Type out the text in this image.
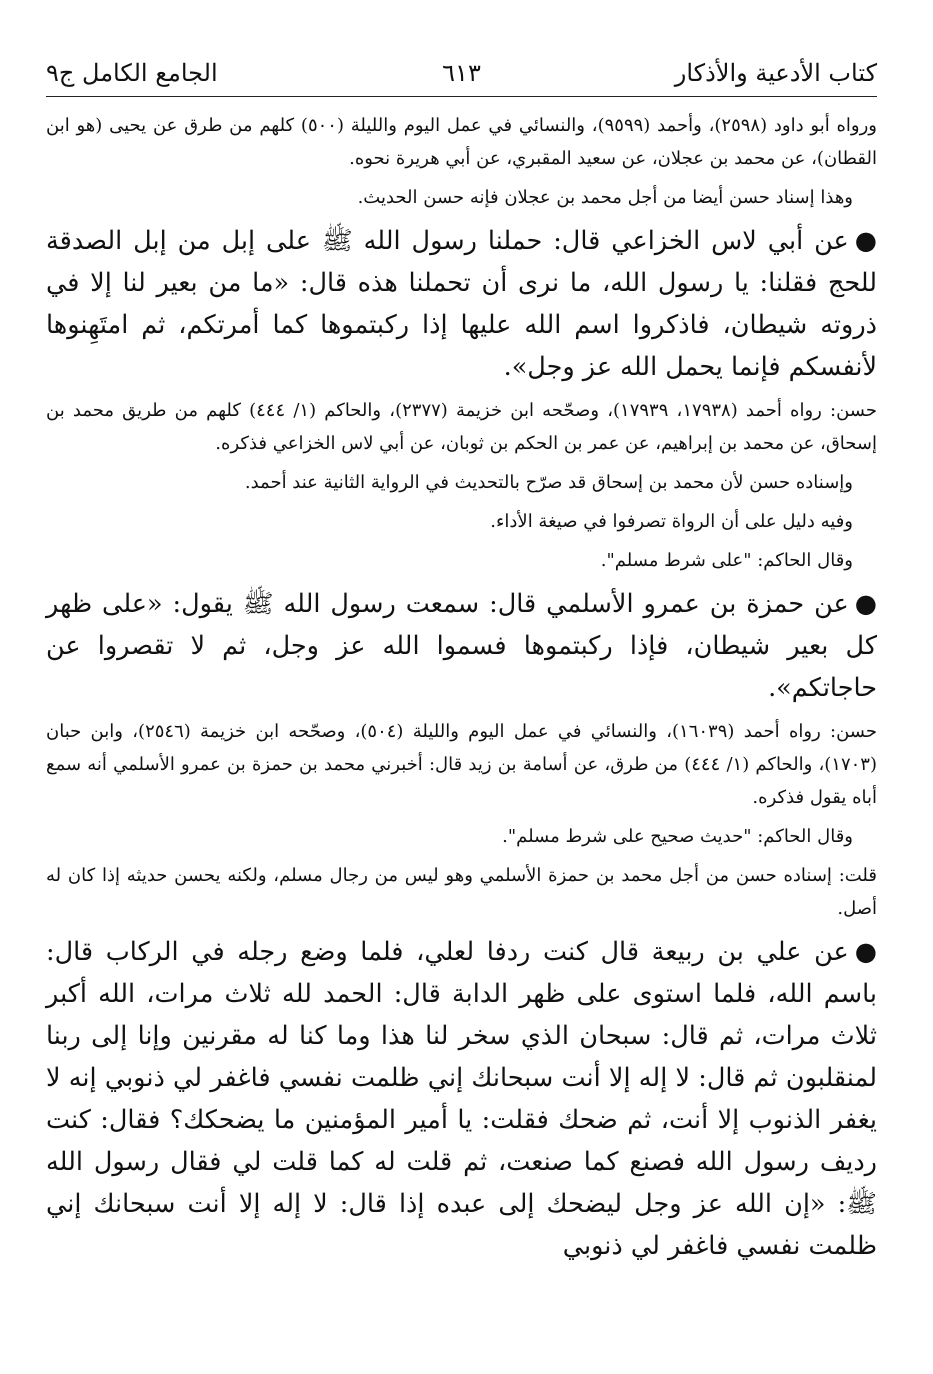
كتاب الأدعية والأذكار
٦١٣
الجامع الكامل ج٩

ورواه أبو داود (٢٥٩٨)، وأحمد (٩٥٩٩)، والنسائي في عمل اليوم والليلة (٥٠٠) كلهم من طرق عن يحيى (هو ابن القطان)، عن محمد بن عجلان، عن سعيد المقبري، عن أبي هريرة نحوه.

وهذا إسناد حسن أيضا من أجل محمد بن عجلان فإنه حسن الحديث.

●عن أبي لاس الخزاعي قال: حملنا رسول الله ﷺ على إبل من إبل الصدقة للحج فقلنا: يا رسول الله، ما نرى أن تحملنا هذه قال: «ما من بعير لنا إلا في ذروته شيطان، فاذكروا اسم الله عليها إذا ركبتموها كما أمرتكم، ثم امتَهِنوها لأنفسكم فإنما يحمل الله عز وجل».

حسن: رواه أحمد (١٧٩٣٨، ١٧٩٣٩)، وصحّحه ابن خزيمة (٢٣٧٧)، والحاكم (١/ ٤٤٤) كلهم من طريق محمد بن إسحاق، عن محمد بن إبراهيم، عن عمر بن الحكم بن ثوبان، عن أبي لاس الخزاعي فذكره.

وإسناده حسن لأن محمد بن إسحاق قد صرّح بالتحديث في الرواية الثانية عند أحمد.

وفيه دليل على أن الرواة تصرفوا في صيغة الأداء.

وقال الحاكم: "على شرط مسلم".

●عن حمزة بن عمرو الأسلمي قال: سمعت رسول الله ﷺ يقول: «على ظهر كل بعير شيطان، فإذا ركبتموها فسموا الله عز وجل، ثم لا تقصروا عن حاجاتكم».

حسن: رواه أحمد (١٦٠٣٩)، والنسائي في عمل اليوم والليلة (٥٠٤)، وصحّحه ابن خزيمة (٢٥٤٦)، وابن حبان (١٧٠٣)، والحاكم (١/ ٤٤٤) من طرق، عن أسامة بن زيد قال: أخبرني محمد بن حمزة بن عمرو الأسلمي أنه سمع أباه يقول فذكره.

وقال الحاكم: "حديث صحيح على شرط مسلم".

قلت: إسناده حسن من أجل محمد بن حمزة الأسلمي وهو ليس من رجال مسلم، ولكنه يحسن حديثه إذا كان له أصل.

●عن علي بن ربيعة قال كنت ردفا لعلي، فلما وضع رجله في الركاب قال: باسم الله، فلما استوى على ظهر الدابة قال: الحمد لله ثلاث مرات، الله أكبر ثلاث مرات، ثم قال: سبحان الذي سخر لنا هذا وما كنا له مقرنين وإنا إلى ربنا لمنقلبون ثم قال: لا إله إلا أنت سبحانك إني ظلمت نفسي فاغفر لي ذنوبي إنه لا يغفر الذنوب إلا أنت، ثم ضحك فقلت: يا أمير المؤمنين ما يضحكك؟ فقال: كنت رديف رسول الله فصنع كما صنعت، ثم قلت له كما قلت لي فقال رسول الله ﷺ: «إن الله عز وجل ليضحك إلى عبده إذا قال: لا إله إلا أنت سبحانك إني ظلمت نفسي فاغفر لي ذنوبي
